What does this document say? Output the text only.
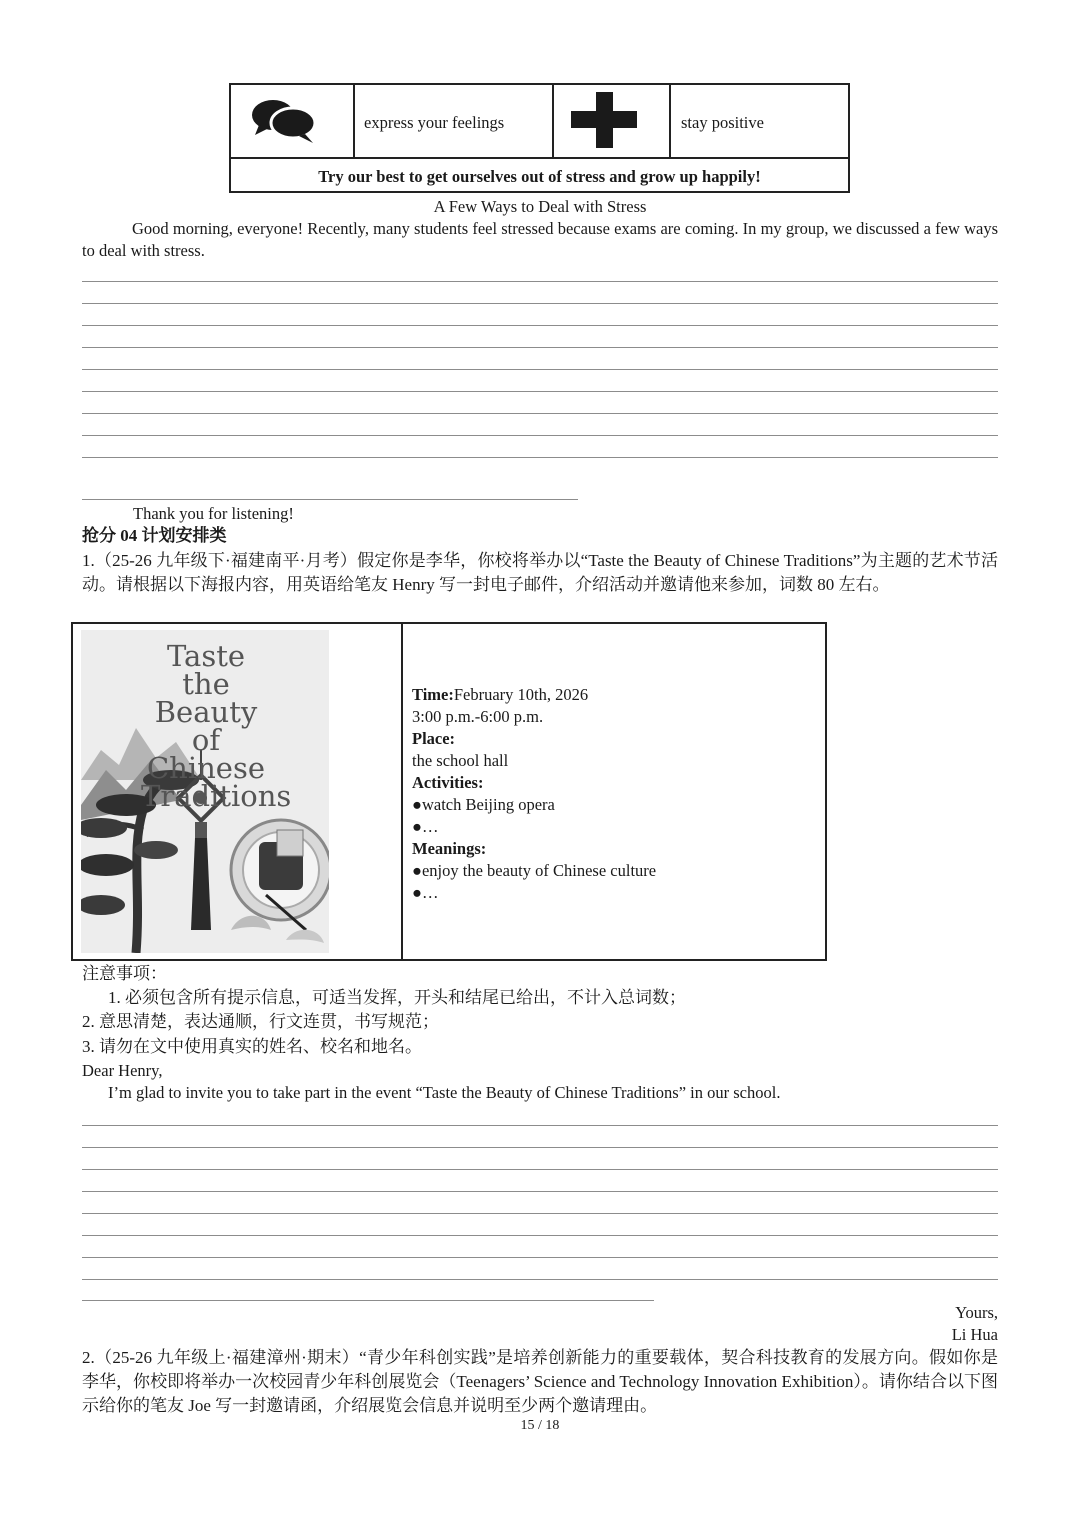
express your feelings	stay positive
Try our best to get ourselves out of stress and grow up happily!
A Few Ways to Deal with Stress
Good morning, everyone! Recently, many students feel stressed because exams are coming. In my group, we discussed a few ways to deal with stress.
Thank you for listening!
抢分 04 计划安排类
1.（25-26 九年级下·福建南平·月考）假定你是李华，你校将举办以“Taste the Beauty of Chinese Traditions”为主题的艺术节活动。请根据以下海报内容，用英语给笔友 Henry 写一封电子邮件，介绍活动并邀请他来参加，词数 80 左右。
Taste the
Beauty of
Chinese
Traditions
Time:February 10th, 2026
3:00 p.m.-6:00 p.m.
Place:
the school hall
Activities:
●watch Beijing opera
●…
Meanings:
●enjoy the beauty of Chinese culture
●…
注意事项：
1. 必须包含所有提示信息，可适当发挥，开头和结尾已给出，不计入总词数；
2. 意思清楚，表达通顺，行文连贯，书写规范；
3. 请勿在文中使用真实的姓名、校名和地名。
Dear Henry,
I’m glad to invite you to take part in the event “Taste the Beauty of Chinese Traditions” in our school.
Yours,
Li Hua
2.（25-26 九年级上·福建漳州·期末）“青少年科创实践”是培养创新能力的重要载体，契合科技教育的发展方向。假如你是李华，你校即将举办一次校园青少年科创展览会（Teenagers’ Science and Technology Innovation Exhibition）。请你结合以下图示给你的笔友 Joe 写一封邀请函，介绍展览会信息并说明至少两个邀请理由。
15 / 18
